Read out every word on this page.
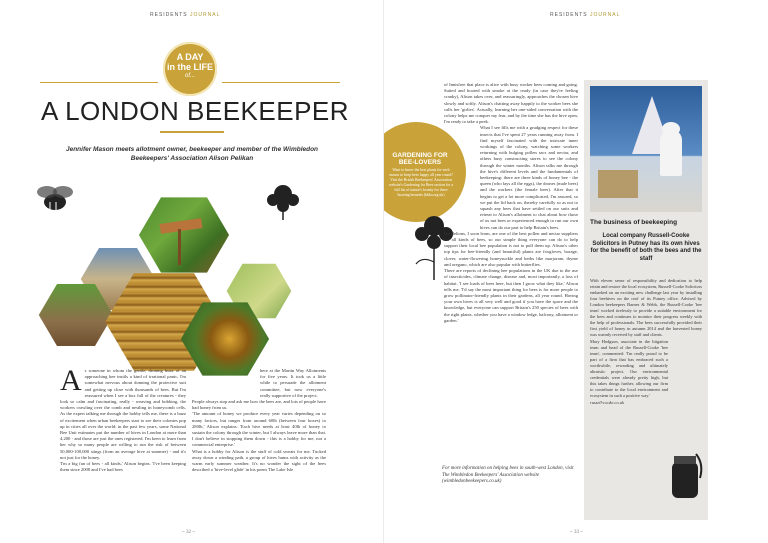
RESIDENTS JOURNAL
A DAY
in the LIFE
of...
A LONDON BEEKEEPER
Jennifer Mason meets allotment owner, beekeeper and member of the Wimbledon Beekeepers' Association Alison Pelikan

As someone in whom the gentle, droning buzz of an approaching bee instils a kind of irrational panic, I'm somewhat nervous about donning the protective suit and getting up close with thousands of bees. But I'm reassured when I see a box full of the creatures - they look so calm and fascinating, really - weaving and bobbing, the workers crawling over the comb and nestling in honeycomb cells. As the expert talking me through the hobby tells me, there is a buzz of excitement when urban beekeepers start to see their colonies pop up in cities all over the world: in the past few years, some National Bee Unit estimates put the number of hives in London at more than 4,200 - and those are just the ones registered. I'm keen to learn from her why so many people are willing to run the risk of between 50,000-100,000 stings (from an average hive at summer) - and it's not just for the honey.

'I'm a big fan of bees - all kinds,' Alison begins. 'I've been keeping them since 2008 and I've had bees

here at the Martin Way Allotments for five years. It took us a little while to persuade the allotment committee, but now everyone's really supportive of the project.

People always stop and ask me how the bees are, and lots of people have had honey from us.

'The amount of honey we produce every year varies depending on so many factors, but ranges from around 60lb (between four boxes) to 280lb,' Alison explains. 'Each hive needs at least 40lb of honey to sustain the colony through the winter, but I always leave more than that. I don't believe in stopping them down - this is a hobby for me, not a commercial enterprise.'

What is a hobby for Alison is the stuff of cold sweats for me. Tucked away down a winding path, a group of hives hums with activity as the warm early summer weather. It's no wonder the sight of the bees described a 'hive-level glide' in his poem The Lake Isle

~ 32 ~
RESIDENTS JOURNAL
GARDENING FOR BEE-LOVERS
Want to know the best plants for each season to keep bees happy all year round? Visit the British Beekeepers' Association website's Gardening for Bees section for a full list of nature's bounty for these buzzing beauties (bbka.org.uk)

of Innisfree that place is alive with busy worker bees coming and going. Suited and booted with smoke at the ready (in case they're feeling cranky), Alison takes over, and reassuringly, approaches the chosen hive slowly and softly. Alison's chatting away happily to the worker bees she calls her 'girlies'. Actually, learning her one-sided conversation with the colony helps me conquer my fear, and by the time she has the hive open, I'm ready to take a peek.

What I see fills me with a grudging respect for these insects that I've spent 27 years running away from. I find myself fascinated with the intricate inner workings of the colony, watching some workers returning with bulging pollen sacs and nectar, and others busy constructing stores to see the colony through the winter months. Alison talks me through the hive's different levels and the fundamentals of beekeeping: there are three kinds of honey bee - the queen (who lays all the eggs), the drones (male bees) and the workers (the female bees). After that it begins to get a lot more complicated, I'm assured, so we put the lid back on, thereby carefully so as not to squash any bees that have settled on our suits and retreat to Alison's allotment to chat about how those of us not bees or experienced enough to run our own hives can do our part to help Britain's bees.

Dandelions, I soon learn, are one of the best pollen and nectar suppliers for all kinds of bees, so our simple thing everyone can do to help support their local bee population is not to pull them up. Alison's other top tips for bee-friendly (and beautiful) plants are foxgloves, borage, clover, water-flowering honeysuckle and herbs like marjoram, thyme and oregano, which are also popular with butterflies.

There are reports of declining bee populations in the UK due to the use of insecticides, climate change, disease and, most importantly, a loss of habitat. 'I see loads of bees here, but then I grow what they like,' Alison tells me. 'I'd say the most important thing for bees is for more people to grow pollinator-friendly plants in their gardens, all year round. Having your own hives is all very well and good if you have the space and the knowledge, but everyone can support Britain's 250 species of bees with the right plants, whether you have a window ledge, balcony, allotment or garden.'

For more information on helping bees in south-west London, visit The Wimbledon Beekeepers' Association website (wimbledonbeekeepers.co.uk)
The business of beekeeping
Local company Russell-Cooke Solicitors in Putney has its own hives for the benefit of both the bees and the staff

With eleven sense of responsibility and dedication to help retain and restore the local ecosystem, Russell-Cooke Solicitors embarked on an exciting new challenge last year by installing four beehives on the roof of its Putney office. Advised by London beekeepers Barnes & Webb, the Russell-Cooke 'bee team' worked tirelessly to provide a suitable environment for the bees and continues to monitor their progress weekly with the help of professionals. The bees successfully provided their first yield of honey in autumn 2014 and the harvested honey was warmly received by staff and clients.

Mary Hodgson, associate in the litigation team and head of the Russell-Cooke 'bee team', commented: 'I'm really proud to be part of a firm that has embraced such a worthwhile, rewarding and ultimately altruistic project. Our environmental credentials were already pretty high, but this takes things further, allowing our firm to contribute to the local environment and ecosystem in such a positive way.'

russell-cooke.co.uk

~ 33 ~
